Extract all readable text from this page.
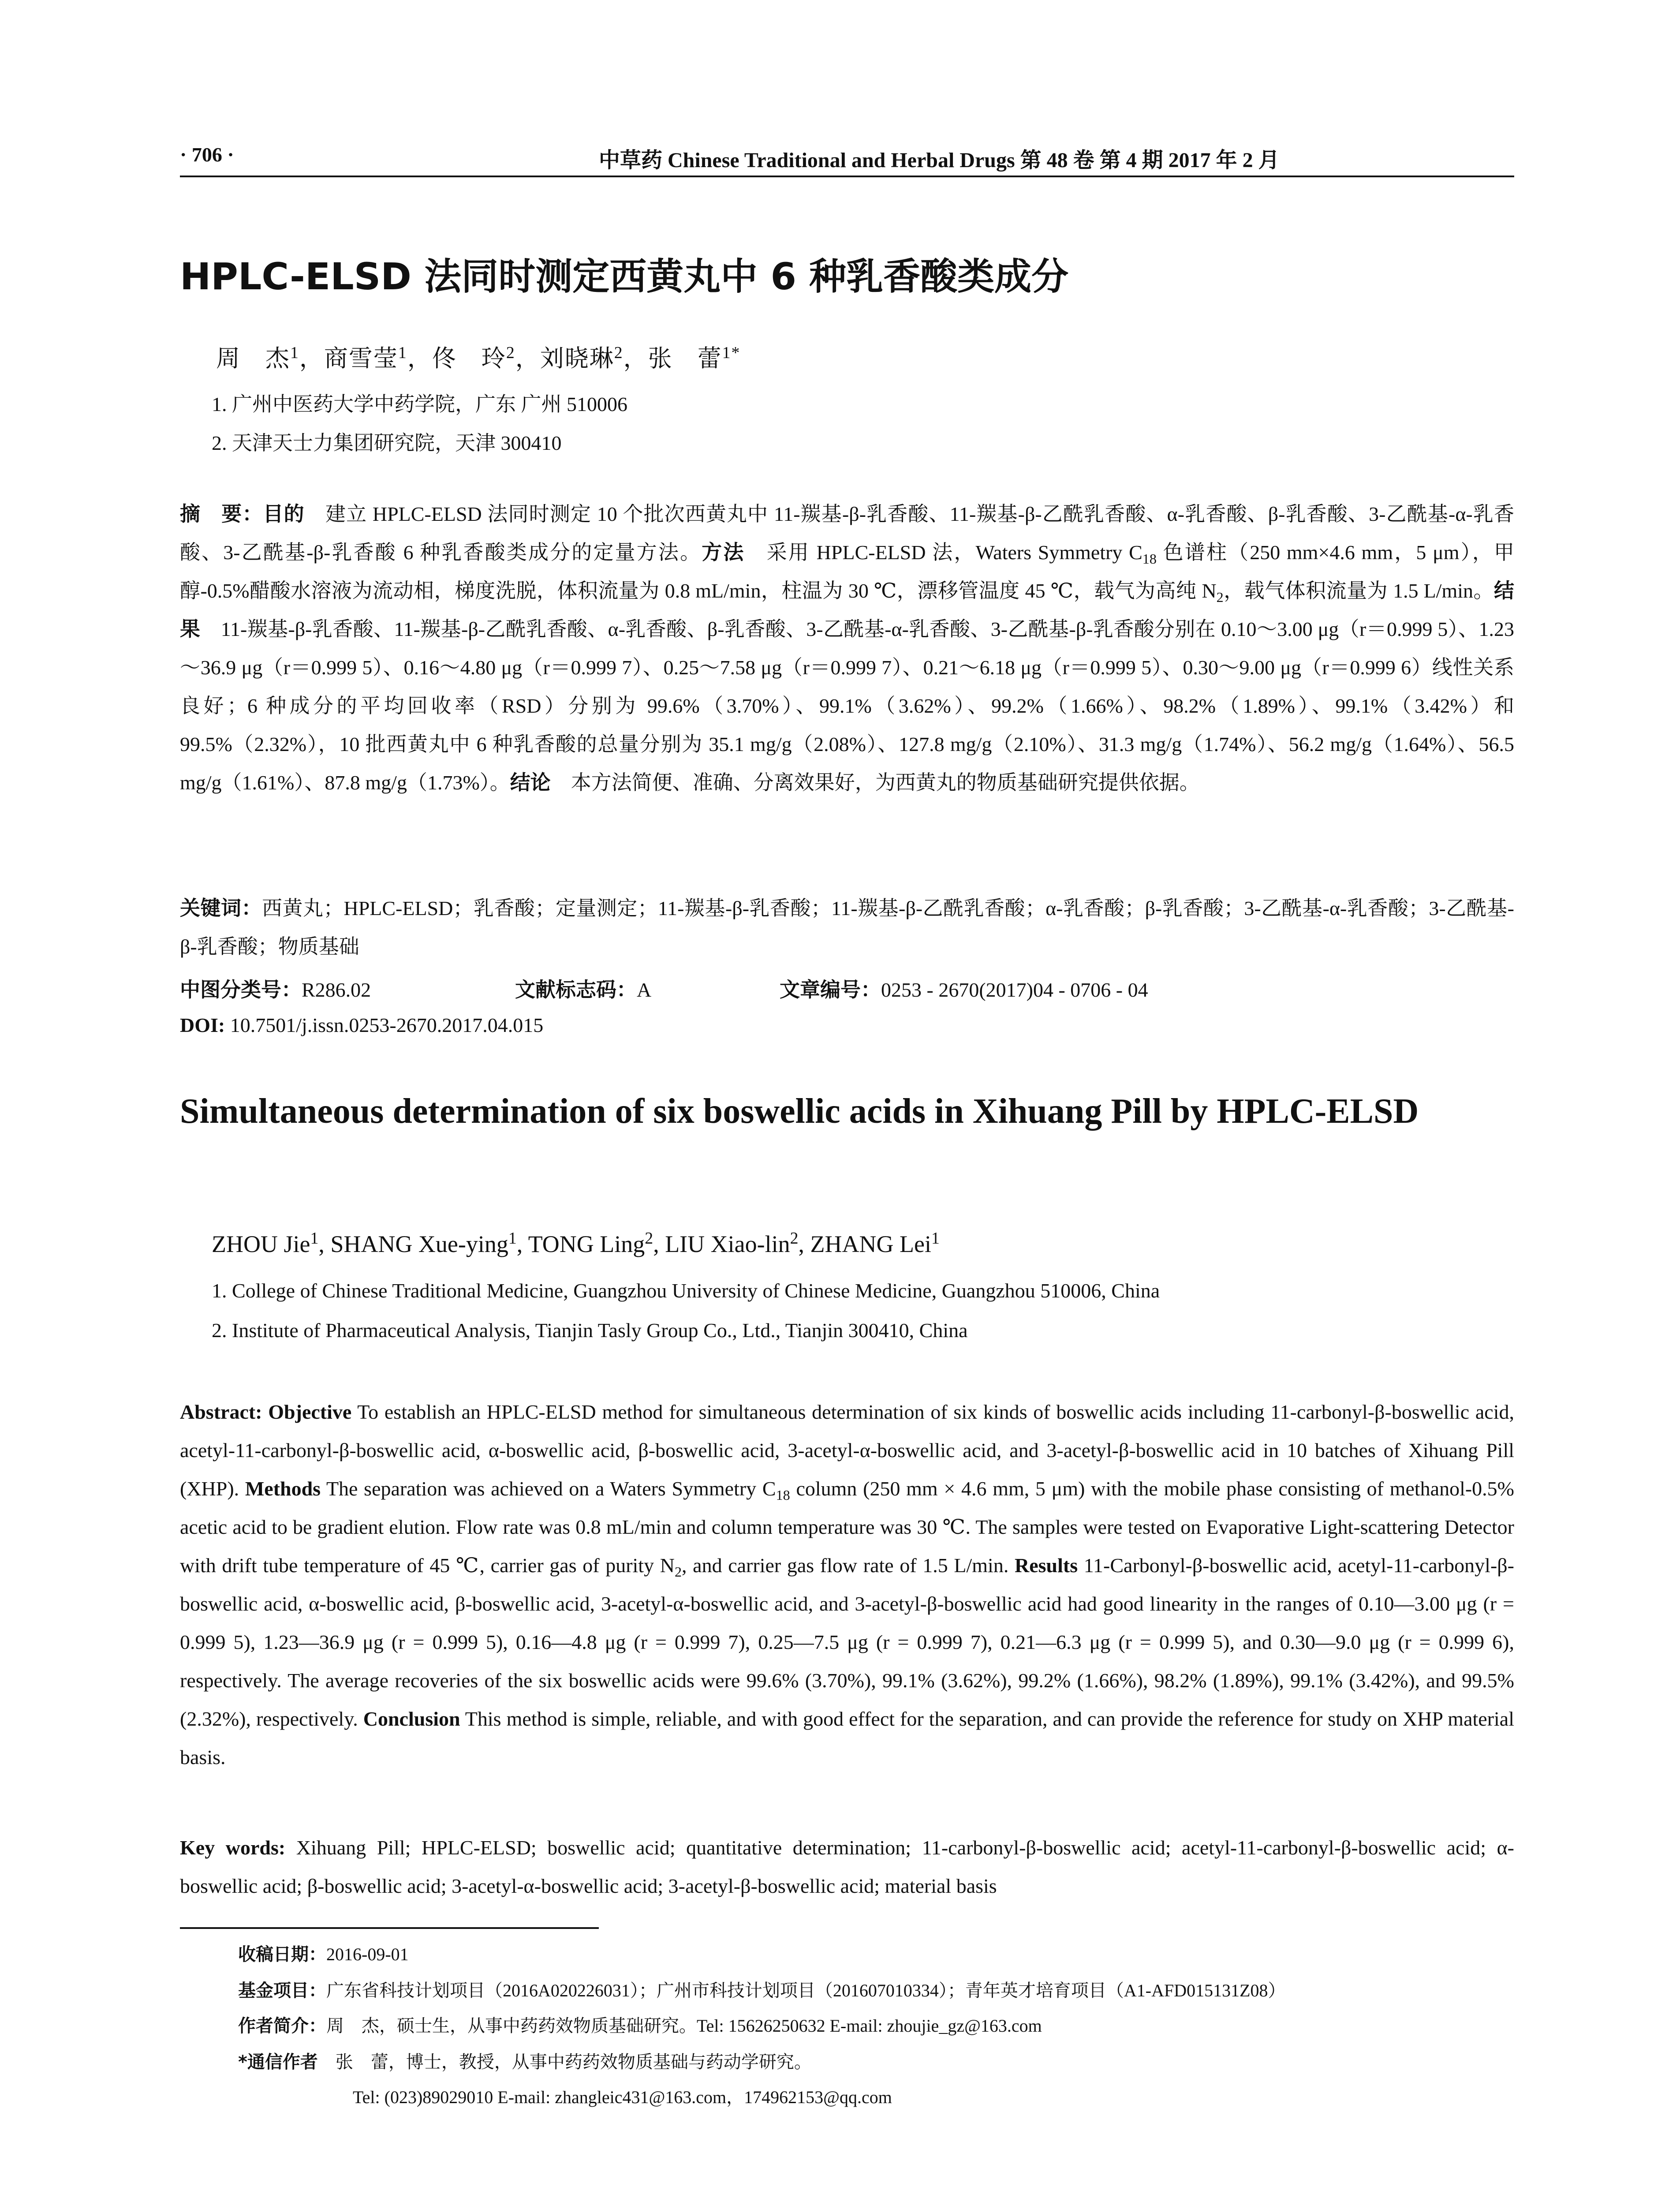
· 706 ·	中草药 Chinese Traditional and Herbal Drugs 第 48 卷 第 4 期 2017 年 2 月
HPLC-ELSD 法同时测定西黄丸中 6 种乳香酸类成分
周　杰$^1$，商雪莹$^1$，佟　玲$^2$，刘晓琳$^2$，张　蕾$^{1*}$
1. 广州中医药大学中药学院，广东 广州 510006
2. 天津天士力集团研究院，天津 300410
摘　要：目的　建立 HPLC-ELSD 法同时测定 10 个批次西黄丸中 11-羰基-β-乳香酸、11-羰基-β-乙酰乳香酸、α-乳香酸、β-乳香酸、3-乙酰基-α-乳香酸、3-乙酰基-β-乳香酸 6 种乳香酸类成分的定量方法。方法　采用 HPLC-ELSD 法，Waters Symmetry $C_{18}$ 色谱柱（250 mm×4.6 mm，5 μm），甲醇-0.5%醋酸水溶液为流动相，梯度洗脱，体积流量为 0.8 mL/min，柱温为 30 ℃，漂移管温度 45 ℃，载气为高纯 $N_2$，载气体积流量为 1.5 L/min。结果　11-羰基-β-乳香酸、11-羰基-β-乙酰乳香酸、α-乳香酸、β-乳香酸、3-乙酰基-α-乳香酸、3-乙酰基-β-乳香酸分别在 0.10～3.00 μg（r＝0.999 5）、1.23～36.9 μg（r＝0.999 5）、0.16～4.80 μg（r＝0.999 7）、0.25～7.58 μg（r＝0.999 7）、0.21～6.18 μg（r＝0.999 5）、0.30～9.00 μg（r＝0.999 6）线性关系良好；6 种成分的平均回收率（RSD）分别为 99.6%（3.70%）、99.1%（3.62%）、99.2%（1.66%）、98.2%（1.89%）、99.1%（3.42%）和 99.5%（2.32%），10 批西黄丸中 6 种乳香酸的总量分别为 35.1 mg/g（2.08%）、127.8 mg/g（2.10%）、31.3 mg/g（1.74%）、56.2 mg/g（1.64%）、56.5 mg/g（1.61%）、87.8 mg/g（1.73%）。结论　本方法简便、准确、分离效果好，为西黄丸的物质基础研究提供依据。
关键词：西黄丸；HPLC-ELSD；乳香酸；定量测定；11-羰基-β-乳香酸；11-羰基-β-乙酰乳香酸；α-乳香酸；β-乳香酸；3-乙酰基-α-乳香酸；3-乙酰基-β-乳香酸；物质基础
中图分类号：R286.02	文献标志码：A	文章编号：0253 - 2670(2017)04 - 0706 - 04
DOI: 10.7501/j.issn.0253-2670.2017.04.015
Simultaneous determination of six boswellic acids in Xihuang Pill by HPLC-ELSD
ZHOU Jie$^1$, SHANG Xue-ying$^1$, TONG Ling$^2$, LIU Xiao-lin$^2$, ZHANG Lei$^1$
1. College of Chinese Traditional Medicine, Guangzhou University of Chinese Medicine, Guangzhou 510006, China
2. Institute of Pharmaceutical Analysis, Tianjin Tasly Group Co., Ltd., Tianjin 300410, China
Abstract: Objective To establish an HPLC-ELSD method for simultaneous determination of six kinds of boswellic acids including 11-carbonyl-β-boswellic acid, acetyl-11-carbonyl-β-boswellic acid, α-boswellic acid, β-boswellic acid, 3-acetyl-α-boswellic acid, and 3-acetyl-β-boswellic acid in 10 batches of Xihuang Pill (XHP). Methods The separation was achieved on a Waters Symmetry $C_{18}$ column (250 mm × 4.6 mm, 5 μm) with the mobile phase consisting of methanol-0.5% acetic acid to be gradient elution. Flow rate was 0.8 mL/min and column temperature was 30 ℃. The samples were tested on Evaporative Light-scattering Detector with drift tube temperature of 45 ℃, carrier gas of purity $N_2$, and carrier gas flow rate of 1.5 L/min. Results 11-Carbonyl-β-boswellic acid, acetyl-11-carbonyl-β-boswellic acid, α-boswellic acid, β-boswellic acid, 3-acetyl-α-boswellic acid, and 3-acetyl-β-boswellic acid had good linearity in the ranges of 0.10—3.00 μg (r = 0.999 5), 1.23—36.9 μg (r = 0.999 5), 0.16—4.8 μg (r = 0.999 7), 0.25—7.5 μg (r = 0.999 7), 0.21—6.3 μg (r = 0.999 5), and 0.30—9.0 μg (r = 0.999 6), respectively. The average recoveries of the six boswellic acids were 99.6% (3.70%), 99.1% (3.62%), 99.2% (1.66%), 98.2% (1.89%), 99.1% (3.42%), and 99.5% (2.32%), respectively. Conclusion This method is simple, reliable, and with good effect for the separation, and can provide the reference for study on XHP material basis.
Key words: Xihuang Pill; HPLC-ELSD; boswellic acid; quantitative determination; 11-carbonyl-β-boswellic acid; acetyl-11-carbonyl-β-boswellic acid; α-boswellic acid; β-boswellic acid; 3-acetyl-α-boswellic acid; 3-acetyl-β-boswellic acid; material basis
收稿日期：2016-09-01
基金项目：广东省科技计划项目（2016A020226031）；广州市科技计划项目（201607010334）；青年英才培育项目（A1-AFD015131Z08）
作者简介：周　杰，硕士生，从事中药药效物质基础研究。Tel: 15626250632 E-mail: zhoujie_gz@163.com
*通信作者　张　蕾，博士，教授，从事中药药效物质基础与药动学研究。
Tel: (023)89029010 E-mail: zhangleic431@163.com，174962153@qq.com
